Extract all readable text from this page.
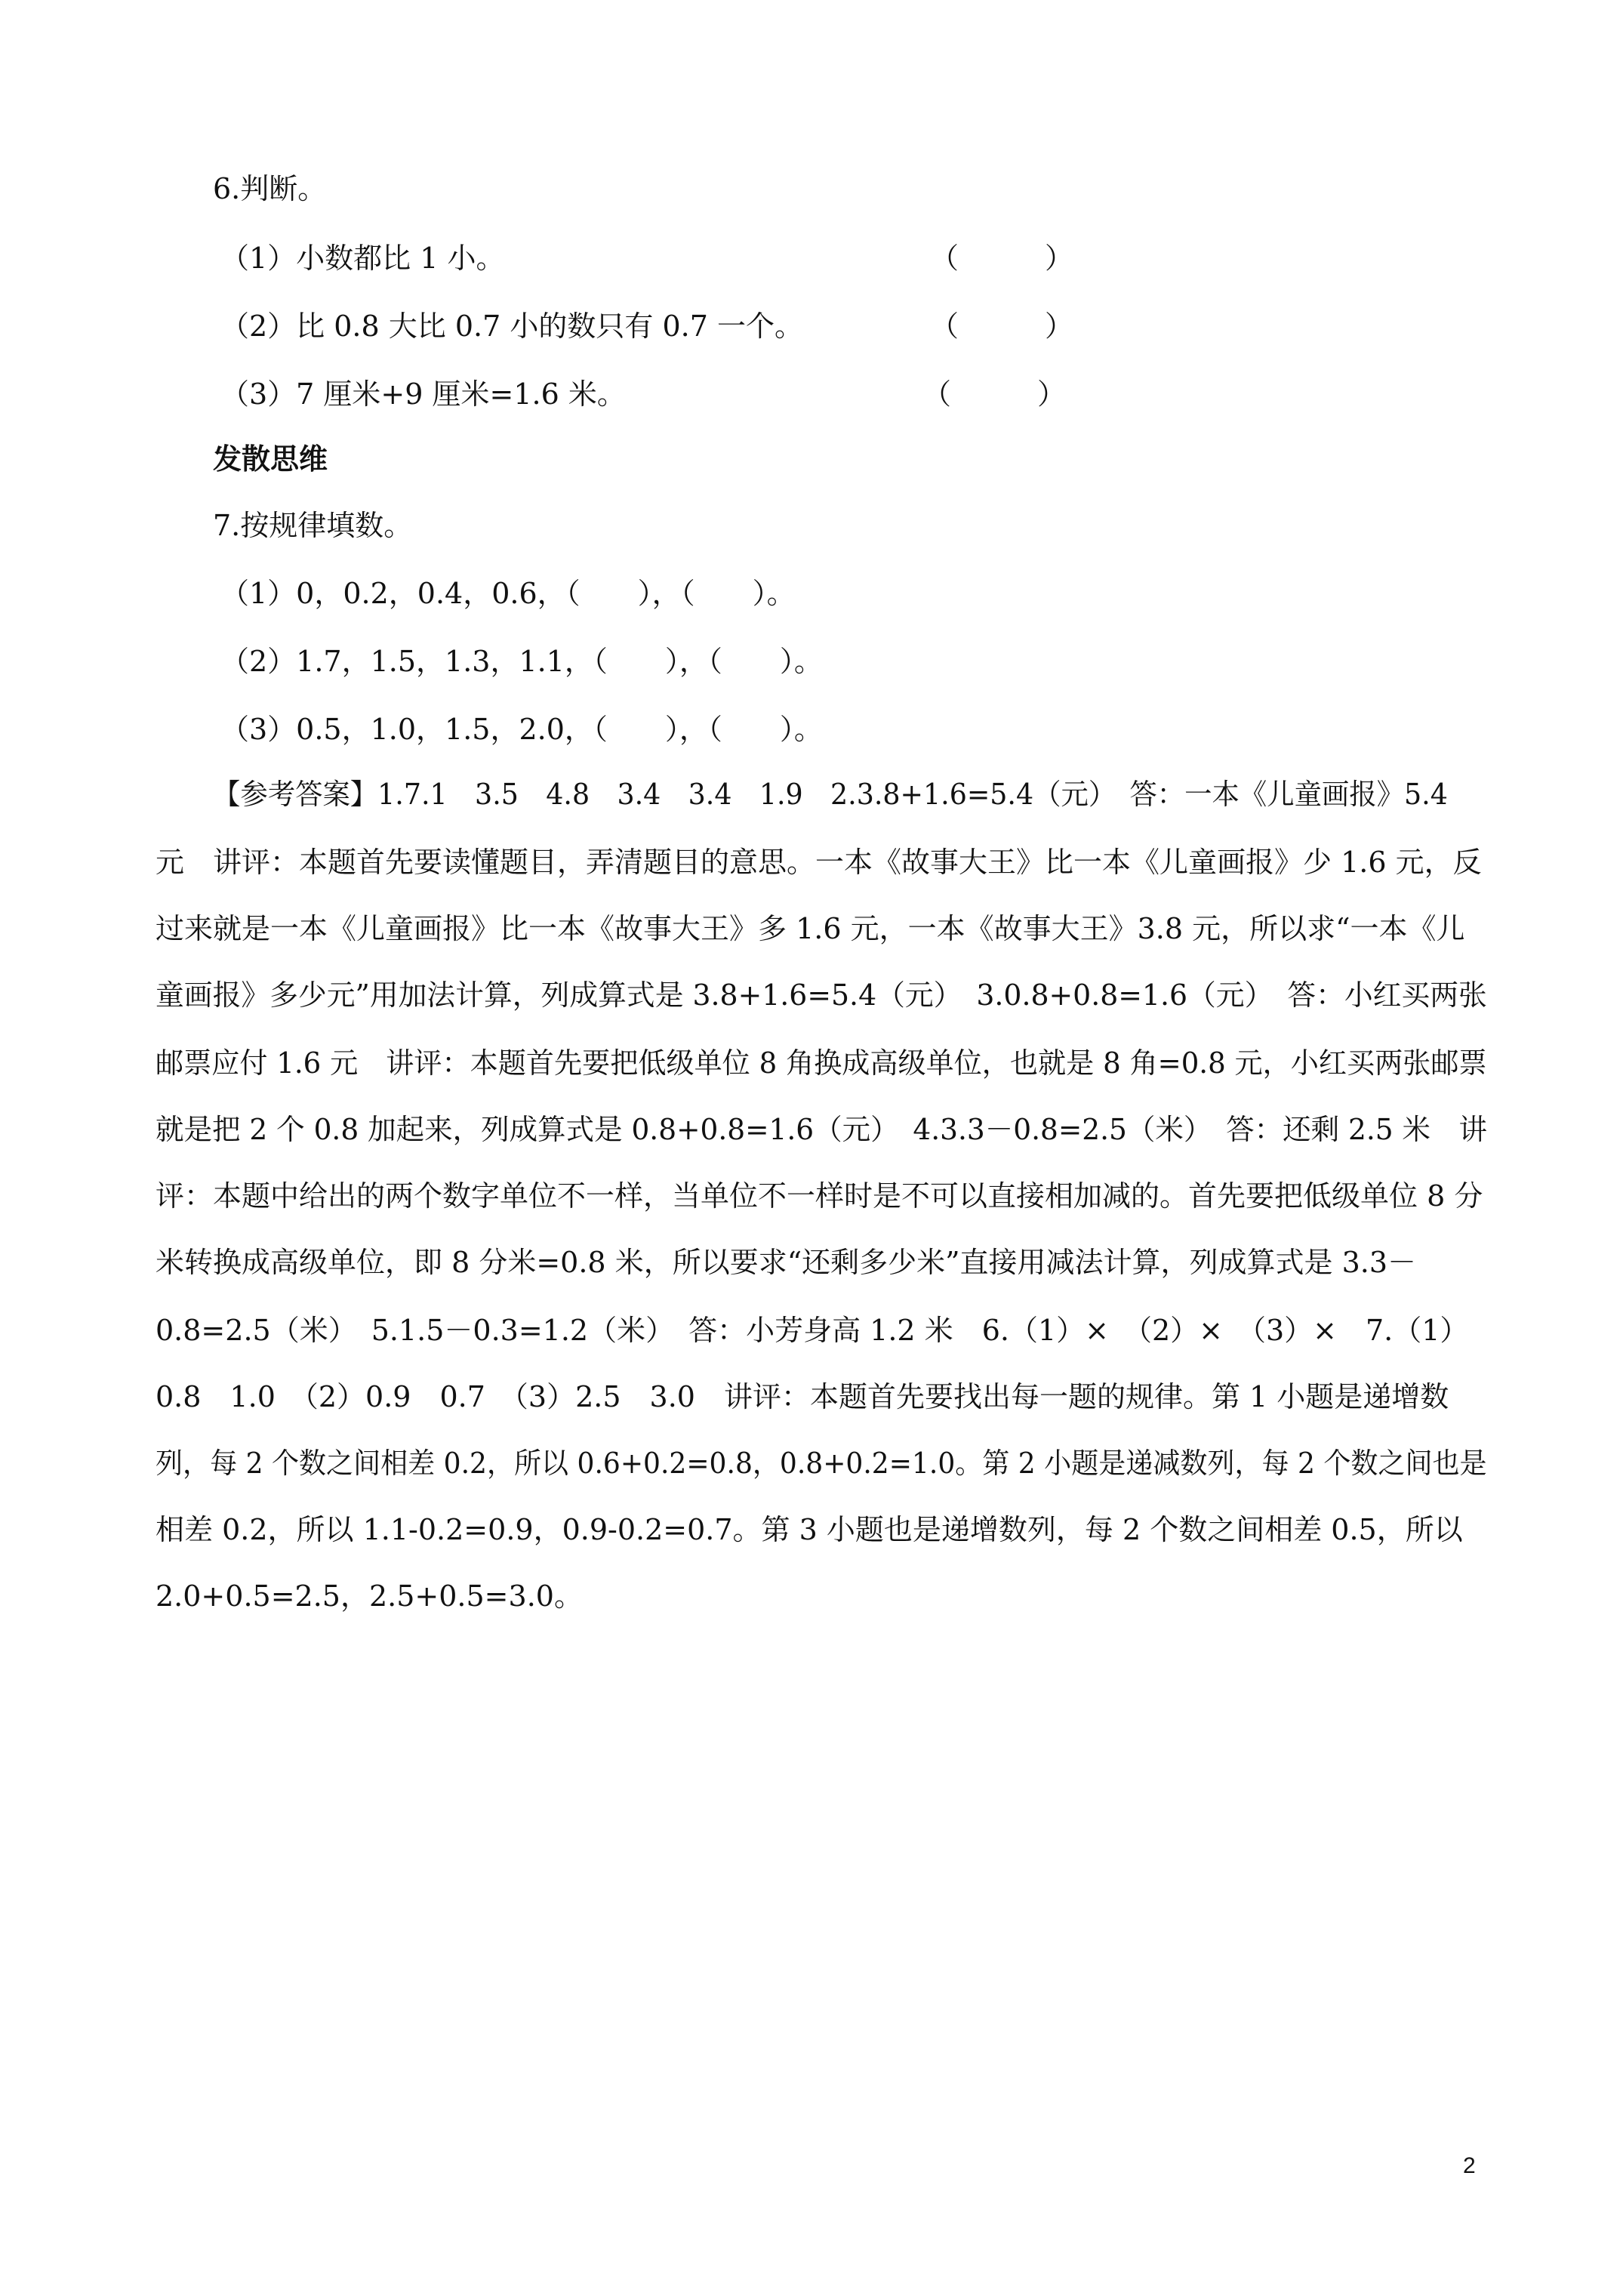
6.判断。
（1）小数都比 1 小。	（　　　）
（2）比 0.8 大比 0.7 小的数只有 0.7 一个。	（　　　）
（3）7 厘米+9 厘米=1.6 米。	（　　　）
发散思维
7.按规律填数。
（1）0，0.2，0.4，0.6，（　　），（　　）。
（2）1.7，1.5，1.3，1.1，（　　），（　　）。
（3）0.5，1.0，1.5，2.0，（　　），（　　）。
【参考答案】1.7.1　3.5　4.8　3.4　3.4　1.9　2.3.8+1.6=5.4（元）　答：一本《儿童画报》5.4
元　讲评：本题首先要读懂题目，弄清题目的意思。一本《故事大王》比一本《儿童画报》少 1.6 元，反
过来就是一本《儿童画报》比一本《故事大王》多 1.6 元，一本《故事大王》3.8 元，所以求“一本《儿
童画报》多少元”用加法计算，列成算式是 3.8+1.6=5.4（元）　3.0.8+0.8=1.6（元）　答：小红买两张
邮票应付 1.6 元　讲评：本题首先要把低级单位 8 角换成高级单位，也就是 8 角=0.8 元，小红买两张邮票
就是把 2 个 0.8 加起来，列成算式是 0.8+0.8=1.6（元）　4.3.3－0.8=2.5（米）　答：还剩 2.5 米　讲
评：本题中给出的两个数字单位不一样，当单位不一样时是不可以直接相加减的。首先要把低级单位 8 分
米转换成高级单位，即 8 分米=0.8 米，所以要求“还剩多少米”直接用减法计算，列成算式是 3.3－
0.8=2.5（米）　5.1.5－0.3=1.2（米）　答：小芳身高 1.2 米　6.（1）×　（2）×　（3）×　7.（1）
0.8　1.0　（2）0.9　0.7　（3）2.5　3.0　讲评：本题首先要找出每一题的规律。第 1 小题是递增数
列，每 2 个数之间相差 0.2，所以 0.6+0.2=0.8，0.8+0.2=1.0。第 2 小题是递减数列，每 2 个数之间也是
相差 0.2，所以 1.1-0.2=0.9，0.9-0.2=0.7。第 3 小题也是递增数列，每 2 个数之间相差 0.5，所以
2.0+0.5=2.5，2.5+0.5=3.0。
2
